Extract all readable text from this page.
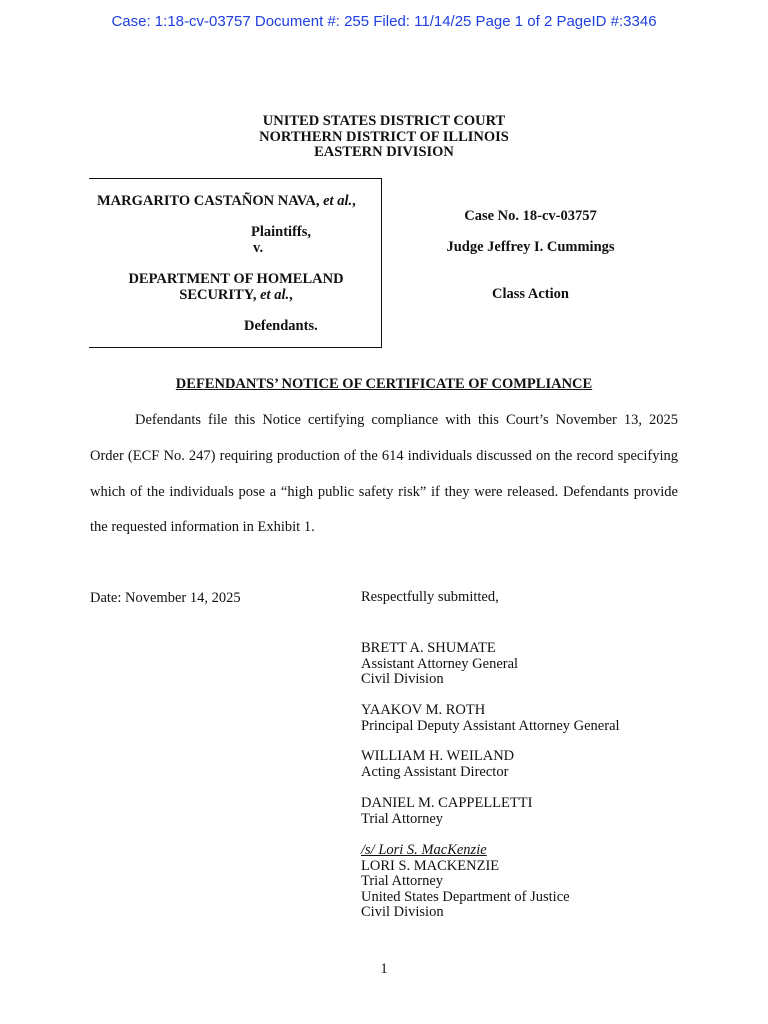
Case: 1:18-cv-03757 Document #: 255 Filed: 11/14/25 Page 1 of 2 PageID #:3346
UNITED STATES DISTRICT COURT
NORTHERN DISTRICT OF ILLINOIS
EASTERN DIVISION
MARGARITO CASTAÑON NAVA, et al.,
Plaintiffs,
v.
DEPARTMENT OF HOMELAND
SECURITY, et al.,
Defendants.
Case No. 18-cv-03757
Judge Jeffrey I. Cummings
Class Action
DEFENDANTS’ NOTICE OF CERTIFICATE OF COMPLIANCE
Defendants file this Notice certifying compliance with this Court’s November 13, 2025 Order (ECF No. 247) requiring production of the 614 individuals discussed on the record specifying which of the individuals pose a “high public safety risk” if they were released. Defendants provide the requested information in Exhibit 1.
Date: November 14, 2025	Respectfully submitted,
BRETT A. SHUMATE
Assistant Attorney General
Civil Division
YAAKOV M. ROTH
Principal Deputy Assistant Attorney General
WILLIAM H. WEILAND
Acting Assistant Director
DANIEL M. CAPPELLETTI
Trial Attorney
/s/ Lori S. MacKenzie
LORI S. MACKENZIE
Trial Attorney
United States Department of Justice
Civil Division
1
